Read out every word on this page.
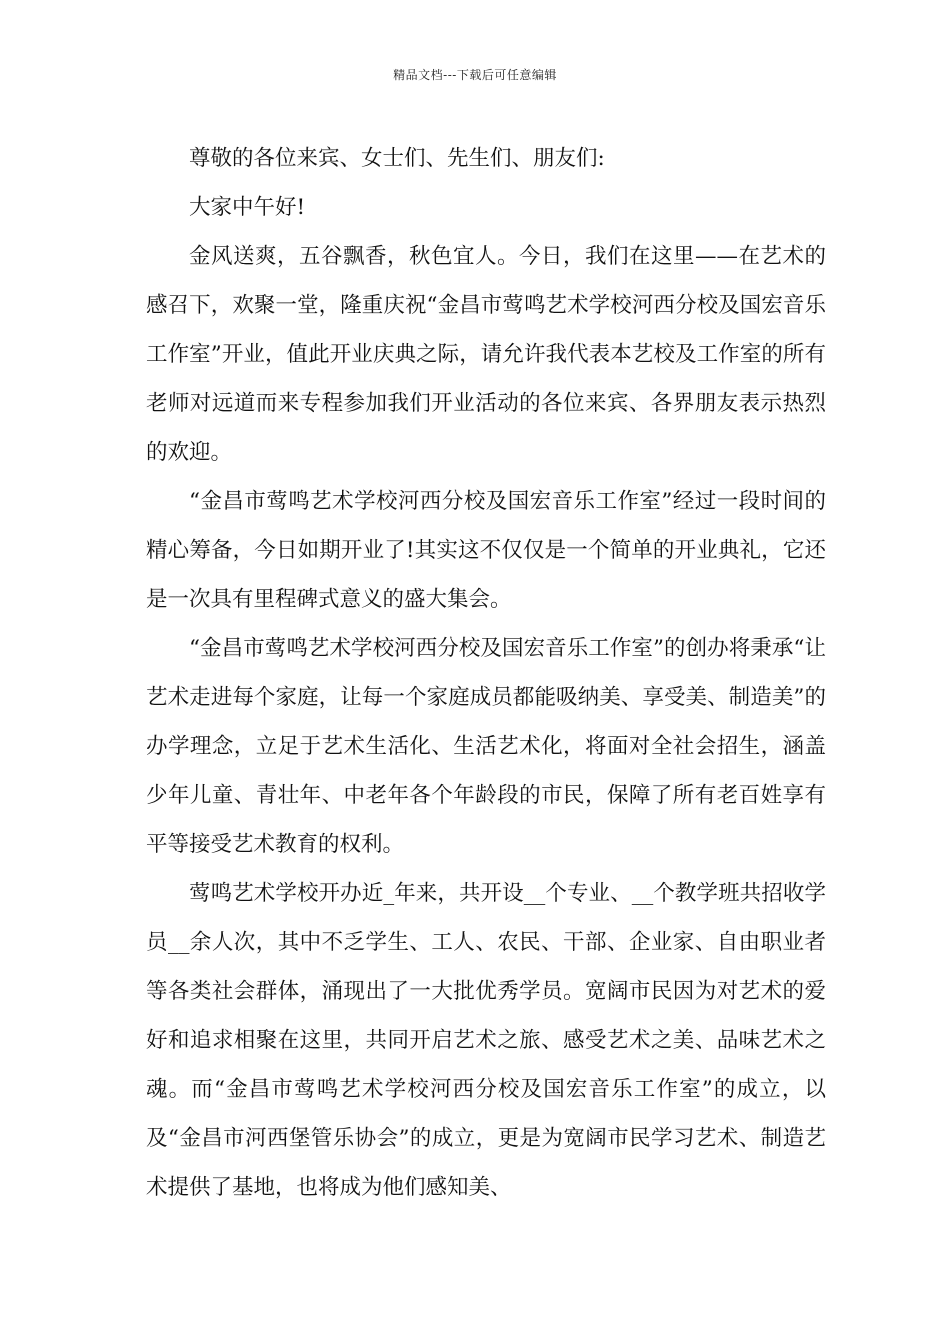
精品文档---下载后可任意编辑

尊敬的各位来宾、女士们、先生们、朋友们:

大家中午好!

金风送爽，五谷飘香，秋色宜人。今日，我们在这里——在艺术的感召下，欢聚一堂，隆重庆祝“金昌市莺鸣艺术学校河西分校及国宏音乐工作室”开业，值此开业庆典之际，请允许我代表本艺校及工作室的所有老师对远道而来专程参加我们开业活动的各位来宾、各界朋友表示热烈的欢迎。

“金昌市莺鸣艺术学校河西分校及国宏音乐工作室”经过一段时间的精心筹备，今日如期开业了!其实这不仅仅是一个简单的开业典礼，它还是一次具有里程碑式意义的盛大集会。

“金昌市莺鸣艺术学校河西分校及国宏音乐工作室”的创办将秉承“让艺术走进每个家庭，让每一个家庭成员都能吸纳美、享受美、制造美”的办学理念，立足于艺术生活化、生活艺术化，将面对全社会招生，涵盖少年儿童、青壮年、中老年各个年龄段的市民，保障了所有老百姓享有平等接受艺术教育的权利。

莺鸣艺术学校开办近_年来，共开设__个专业、__个教学班共招收学员__余人次，其中不乏学生、工人、农民、干部、企业家、自由职业者等各类社会群体，涌现出了一大批优秀学员。宽阔市民因为对艺术的爱好和追求相聚在这里，共同开启艺术之旅、感受艺术之美、品味艺术之魂。而“金昌市莺鸣艺术学校河西分校及国宏音乐工作室”的成立，以及“金昌市河西堡管乐协会”的成立，更是为宽阔市民学习艺术、制造艺术提供了基地，也将成为他们感知美、
